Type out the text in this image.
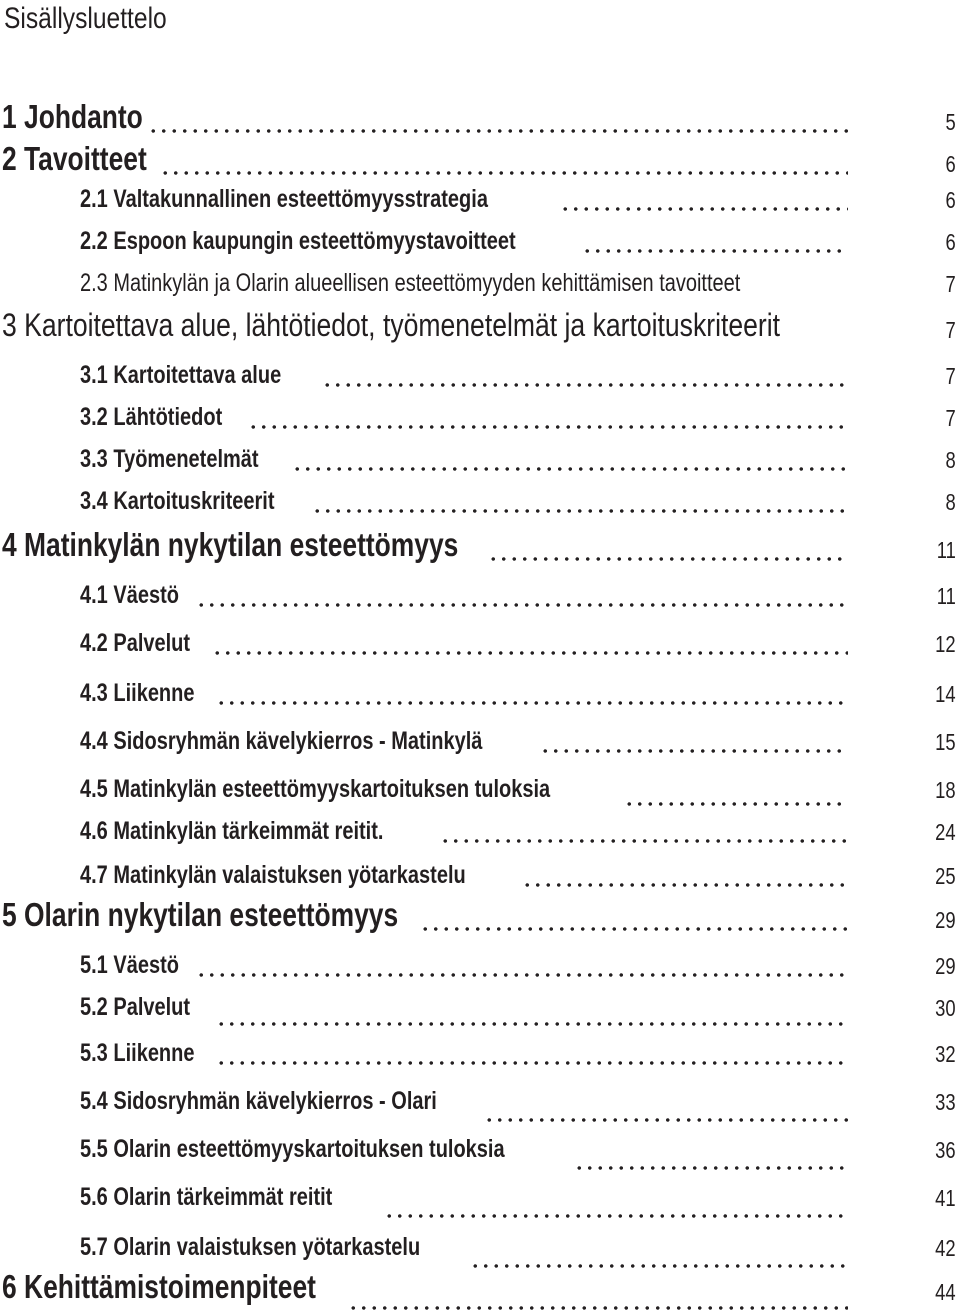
Sisällysluettelo
1 Johdanto	5
2 Tavoitteet	6
2.1 Valtakunnallinen esteettömyysstrategia	6
2.2 Espoon kaupungin esteettömyystavoitteet	6
2.3 Matinkylän ja Olarin alueellisen esteettömyyden kehittämisen tavoitteet	7
3 Kartoitettava alue, lähtötiedot, työmenetelmät ja kartoituskriteerit	7
3.1 Kartoitettava alue	7
3.2 Lähtötiedot	7
3.3 Työmenetelmät	8
3.4 Kartoituskriteerit	8
4 Matinkylän nykytilan esteettömyys	11
4.1 Väestö	11
4.2 Palvelut	12
4.3 Liikenne	14
4.4 Sidosryhmän kävelykierros - Matinkylä	15
4.5 Matinkylän esteettömyyskartoituksen tuloksia	18
4.6 Matinkylän tärkeimmät reitit.	24
4.7 Matinkylän valaistuksen yötarkastelu	25
5 Olarin nykytilan esteettömyys	29
5.1 Väestö	29
5.2 Palvelut	30
5.3 Liikenne	32
5.4 Sidosryhmän kävelykierros - Olari	33
5.5 Olarin esteettömyyskartoituksen tuloksia	36
5.6 Olarin tärkeimmät reitit	41
5.7 Olarin valaistuksen yötarkastelu	42
6 Kehittämistoimenpiteet	44
